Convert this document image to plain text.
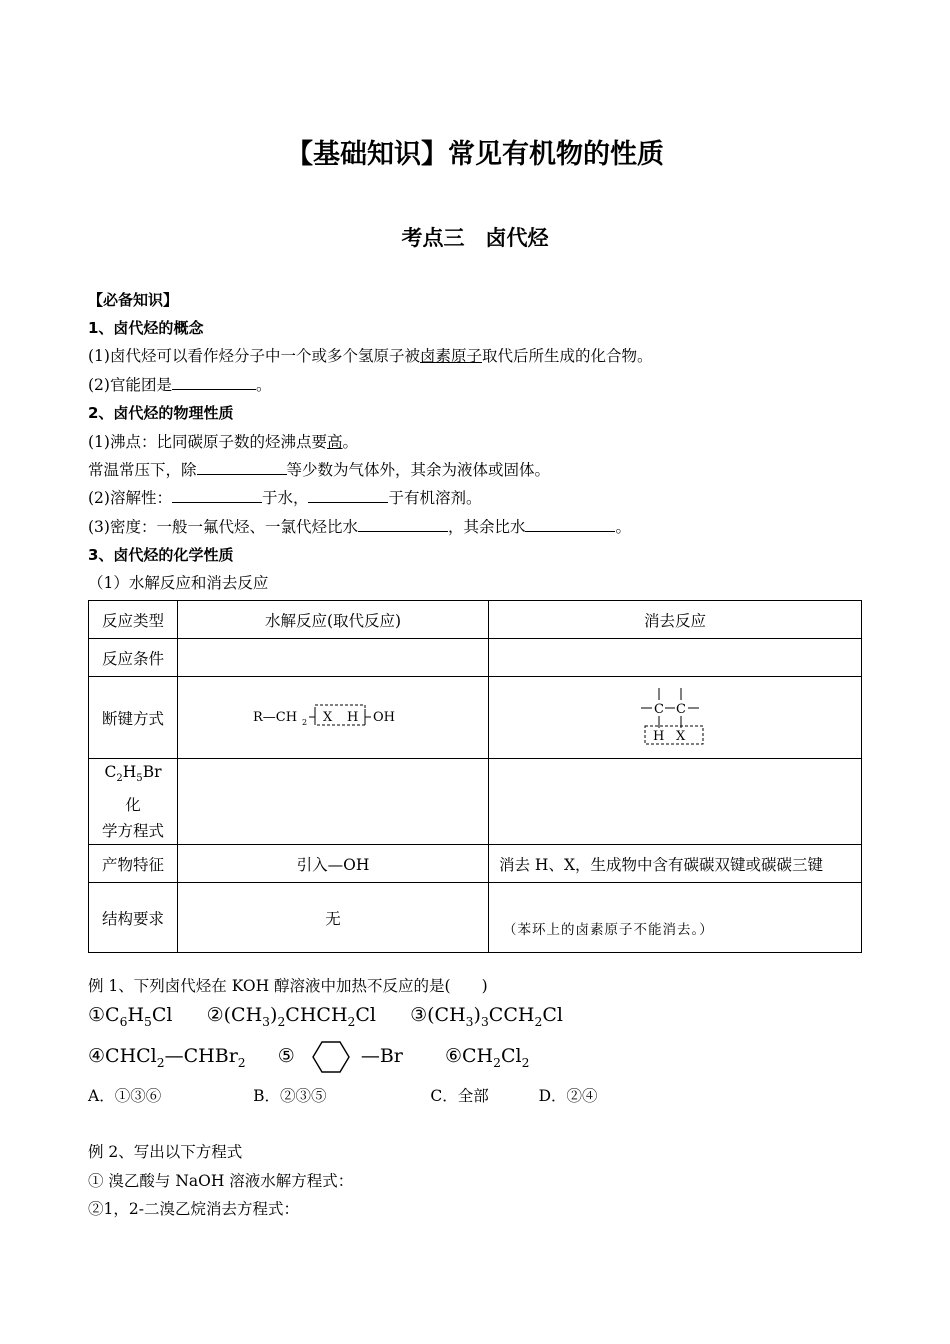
【基础知识】常见有机物的性质
考点三　卤代烃
【必备知识】
1、卤代烃的概念
(1)卤代烃可以看作烃分子中一个或多个氢原子被卤素原子取代后所生成的化合物。
(2)官能团是	。
2、卤代烃的物理性质
(1)沸点：比同碳原子数的烃沸点要高。
常温常压下，除	等少数为气体外，其余为液体或固体。
(2)溶解性：	于水，	于有机溶剂。
(3)密度：一般一氟代烃、一氯代烃比水	，其余比水	。
3、卤代烃的化学性质
（1）水解反应和消去反应
反应类型	水解反应(取代反应)	消去反应
反应条件		
断键方式	R—CH 2 X H OH	C C
H X

$C_2H_5Br$ 化
学方程式		
产物特征	引入—OH	消去 H、X，生成物中含有碳碳双键或碳碳三键
结构要求	无	（苯环上的卤素原子不能消去。）
例 1、下列卤代烃在 KOH 醇溶液中加热不反应的是(　　)
$①C_6H_5Cl$ $②(CH_3)_2CHCH_2Cl$ $③(CH_3)_3CCH_2Cl$
④CHCl$_2$—CHBr$_2$ ⑤	—Br $⑥CH_2Cl_2$
A．①③⑥	B．②③⑤	C．全部	D．②④
例 2、写出以下方程式
① 溴乙酸与 NaOH 溶液水解方程式：
②1，2-二溴乙烷消去方程式：
